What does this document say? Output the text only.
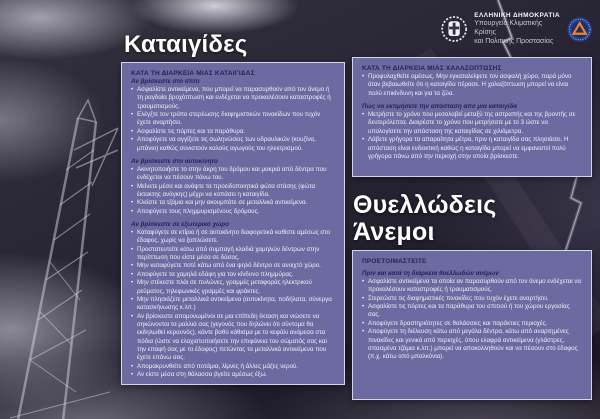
ΕΛΛΗΝΙΚΗ ΔΗΜΟΚΡΑΤΙΑ
Υπουργείο Κλιματικής Κρίσης
και Πολιτικής Προστασίας
Καταιγίδες
Θυελλώδεις
Άνεμοι
ΚΑΤΑ ΤΗ ΔΙΑΡΚΕΙΑ ΜΙΑΣ ΚΑΤΑΙΓΙΔΑΣ
Αν βρίσκεστε στο σπίτι
• Ασφαλίστε αντικείμενα, που μπορεί να παρασυρθούν από τον άνεμο ή τη ραγδαία βροχόπτωση και ενδέχεται να προκαλέσουν καταστροφές ή τραυματισμούς.
• Ελέγξτε τον τρόπο στερέωσης διαφημιστικών πινακίδων που τυχόν έχετε αναρτήσει.
• Ασφαλίστε τις πόρτες και τα παράθυρα.
• Αποφύγετε να αγγίζετε τις σωληνώσεις των υδραυλικών (κουζίνα, μπάνιο) καθώς συνιστούν καλούς αγωγούς του ηλεκτρισμού.
Αν βρίσκεστε στο αυτοκίνητο
• Ακινητοποιήστε το στην άκρη του δρόμου και μακριά από δέντρα που ενδέχεται να πέσουν πάνω του.
• Μείνετε μέσα και ανάψτε τα προειδοποιητικά φώτα στάσης (φώτα έκτακτης ανάγκης) μέχρι να κοπάσει η καταιγίδα.
• Κλείστε τα τζάμια και μην ακουμπάτε σε μεταλλικά αντικείμενα.
• Αποφύγετε τους πλημμυρισμένους δρόμους.
Αν βρίσκεστε σε εξωτερικό χώρο
• Καταφύγετε σε κτίριο ή σε αυτοκίνητο διαφορετικά καθίστε αμέσως στο έδαφος, χωρίς να ξαπλώσετε.
• Προστατευτείτε κάτω από συμπαγή κλαδιά χαμηλών δέντρων στην περίπτωση που είστε μέσα σε δάσος.
• Μην καταφύγετε ποτέ κάτω από ένα ψηλό δέντρο σε ανοιχτό χώρο.
• Αποφύγετε τα χαμηλά εδάφη για τον κίνδυνο πλημμύρας.
• Μην στέκεστε πλάι σε πυλώνες, γραμμές μεταφοράς ηλεκτρικού ρεύματος, τηλεφωνικές γραμμές και φράκτες.
• Μην πλησιάζετε μεταλλικά αντικείμενα (αυτοκίνητα, ποδήλατα, σύνεργα κατασκήνωσης κ.λπ.)
• Αν βρίσκεστε απομονωμένοι σε μια επίπεδη έκταση και νιώσετε να σηκώνονται τα μαλλιά σας (γεγονός που δηλώνει ότι σύντομα θα εκδηλωθεί κεραυνός), κάντε βαθύ κάθισμα με το κεφάλι ανάμεσα στα πόδια (ώστε να ελαχιστοποιήσετε την επιφάνεια του σώματός σας και την επαφή σας με το έδαφος) πετώντας τα μεταλλικά αντικείμενα που έχετε επάνω σας.
• Απομακρυνθείτε από ποτάμια, λίμνες ή άλλες μάζες νερού.
• Αν είστε μέσα στη θάλασσα βγείτε αμέσως έξω.
ΚΑΤΑ ΤΗ ΔΙΑΡΚΕΙΑ ΜΙΑΣ ΧΑΛΑΖΟΠΤΩΣΗΣ
• Προφυλαχθείτε αμέσως. Μην εγκαταλείψετε τον ασφαλή χώρο, παρά μόνο όταν βεβαιωθείτε ότι η καταιγίδα πέρασε. Η χαλαζόπτωση μπορεί να είναι πολύ επικίνδυνη και για τα ζώα.
Πώς να εκτιμήσετε την απόσταση από μια καταιγίδα
• Μετρήστε το χρόνο που μεσολαβεί μεταξύ της αστραπής και της βροντής σε δευτερόλεπτα. Διαιρέστε το χρόνο που μετρήσατε με το 3 ώστε να υπολογίσετε την απόσταση της καταιγίδας σε χιλιόμετρα.
• Λάβετε γρήγορα τα απαραίτητα μέτρα, πριν η καταιγίδα σας πλησιάσει. Η απόσταση είναι ενδεικτική καθώς η καταιγίδα μπορεί να εμφανιστεί πολύ γρήγορα πάνω από την περιοχή στην οποία βρίσκεστε.
ΠΡΟΕΤΟΙΜΑΣΤΕΙΤΕ
Πριν και κατά τη διάρκεια θυελλωδών ανέμων
• Ασφαλίστε αντικείμενα τα οποία αν παρασυρθούν από τον άνεμο ενδέχεται να προκαλέσουν καταστροφές ή τραυματισμούς.
• Στερεώστε τις διαφημιστικές πινακίδες που τυχόν έχετε αναρτήσει.
• Ασφαλίστε τις πόρτες και τα παράθυρα του σπιτιού ή του χώρου εργασίας σας.
• Αποφύγετε δραστηριότητες σε θαλάσσιες και παράκτιες περιοχές.
• Αποφύγετε τη διέλευση κάτω από μεγάλα δέντρα, κάτω από αναρτημένες πινακίδες και γενικά από περιοχές, όπου ελαφρά αντικείμενα (γλάστρες, σπασμένα τζάμια κ.λπ.) μπορεί να αποκολληθούν και να πέσουν στο έδαφος (π.χ. κάτω από μπαλκόνια).
